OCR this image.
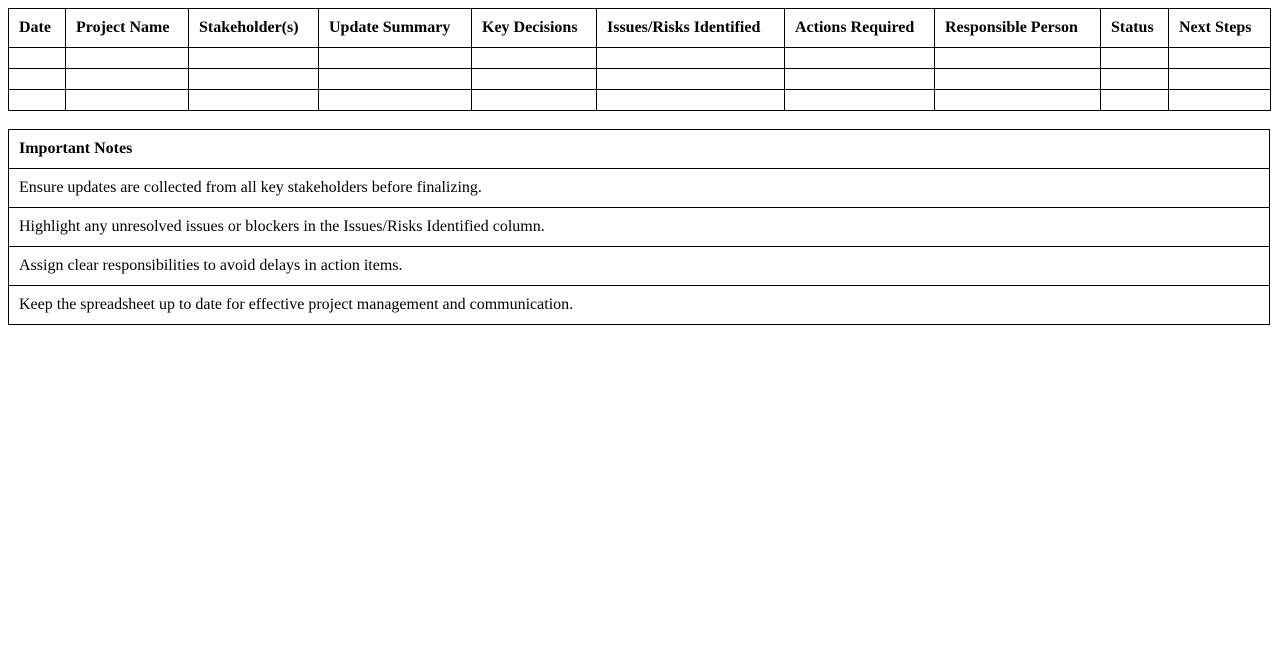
Date	Project Name	Stakeholder(s)	Update Summary	Key Decisions	Issues/Risks Identified	Actions Required	Responsible Person	Status	Next Steps

Important Notes
Ensure updates are collected from all key stakeholders before finalizing.
Highlight any unresolved issues or blockers in the Issues/Risks Identified column.
Assign clear responsibilities to avoid delays in action items.
Keep the spreadsheet up to date for effective project management and communication.
